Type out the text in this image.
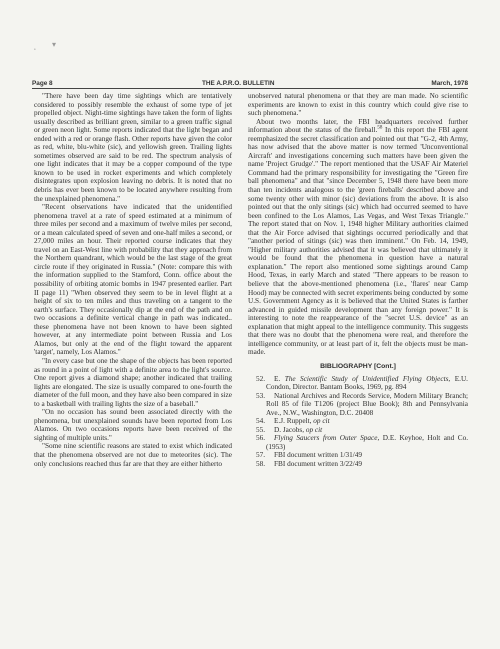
▾
•
Page 8	THE A.P.R.O. BULLETIN	March, 1978

"There have been day time sightings which are tentatively considered to possibly resemble the exhaust of some type of jet propelled object. Night-time sightings have taken the form of lights usually described as brilliant green, similar to a green traffic signal or green neon light. Some reports indicated that the light began and ended with a red or orange flash. Other reports have given the color as red, white, blu-white (sic), and yellowish green. Trailing lights sometimes observed are said to be red. The spectrum analysis of one light indicates that it may be a copper compound of the type known to be used in rocket experiments and which completely disintegrates upon explosion leaving no debris. It is noted that no debris has ever been known to be located anywhere resulting from the unexplained phenomena."

"Recent observations have indicated that the unidentified phenomena travel at a rate of speed estimated at a minimum of three miles per second and a maximum of twelve miles per second, or a mean calculated speed of seven and one-half miles a second, or 27,000 miles an hour. Their reported course indicates that they travel on an East-West line with probability that they approach from the Northern quandrant, which would be the last stage of the great circle route if they originated in Russia." (Note: compare this with the information supplied to the Stamford, Conn. office about the possibility of orbiting atomic bombs in 1947 presented earlier. Part II page 11) "When observed they seem to be in level flight at a height of six to ten miles and thus traveling on a tangent to the earth's surface. They occasionally dip at the end of the path and on two occasions a definite vertical change in path was indicated.. these phenomena have not been known to have been sighted however, at any intermediate point between Russia and Los Alamos, but only at the end of the flight toward the apparent 'target', namely, Los Alamos."

"In every case but one the shape of the objects has been reported as round in a point of light with a definite area to the light's source. One report gives a diamond shape; another indicated that trailing lights are elongated. The size is usually compared to one-fourth the diameter of the full moon, and they have also been compared in size to a basketball with trailing lights the size of a baseball."

"On no occasion has sound been associated directly with the phenomena, but unexplained sounds have been reported from Los Alamos. On two occasions reports have been received of the sighting of multiple units."

"Some nine scientific reasons are stated to exist which indicated that the phenomena observed are not due to meteorites (sic). The only conclusions reached thus far are that they are either hitherto

unobserved natural phenomena or that they are man made. No scientific experiments are known to exist in this country which could give rise to such phenomena."

About two months later, the FBI headquarters received further information about the status of the fireball.$^{58}$ In this report the FBI agent reemphasized the secret classification and pointed out that "G-2, 4th Army, has now advised that the above matter is now termed 'Unconventional Aircraft' and investigations concerning such matters have been given the name 'Project Grudge'." The report mentioned that the USAF Air Materiel Command had the primary responsibility for investigating the "Green fire ball phenomena" and that "since December 5, 1948 there have been more than ten incidents analogous to the 'green fireballs' described above and some twenty other with minor (sic) deviations from the above. It is also pointed out that the only sitings (sic) which had occurred seemed to have been confined to the Los Alamos, Las Vegas, and West Texas Triangle." The report stated that on Nov. 1, 1948 higher Military authorities claimed that the Air Force advised that sightings occurred periodically and that "another period of sitings (sic) was then imminent." On Feb. 14, 1949, "Higher military authorities advised that it was believed that ultimately it would be found that the phenomena in question have a natural explanation." The report also mentioned some sightings around Camp Hood, Texas, in early March and stated "There appears to be reason to believe that the above-mentioned phenomena (i.e., 'flares' near Camp Hood) may be connected with secret experiments being conducted by some U.S. Government Agency as it is believed that the United States is farther advanced in guided missile development than any foreign power." It is interesting to note the reappearance of the "secret U.S. device" as an explanation that might appeal to the intelligence community. This suggests that there was no doubt that the phenomena were real, and therefore the intelligence community, or at least part of it, felt the objects must be man-made.

BIBLIOGRAPHY [Cont.]

52. E. The Scientific Study of Unidentified Flying Objects, E.U. Condon, Director. Bantam Books, 1969, pg. 894

53. National Archives and Records Service, Modern Military Branch; Roll 85 of file T1206 (project Blue Book); 8th and Pennsylvania Ave., N.W., Washington, D.C. 20408

54. E.J. Ruppelt, op cit

55. D. Jacobs, op cit

56. Flying Saucers from Outer Space, D.E. Keyhoe, Holt and Co. (1953)

57. FBI document written 1/31/49

58. FBI document written 3/22/49
